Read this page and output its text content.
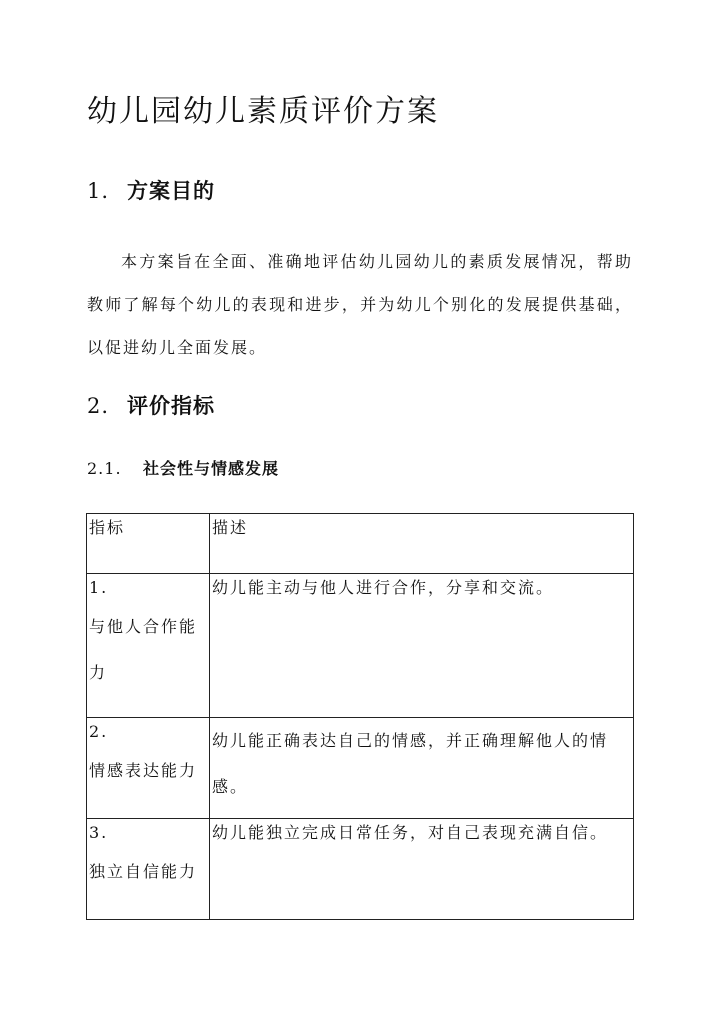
幼儿园幼儿素质评价方案
1. 方案目的

本方案旨在全面、准确地评估幼儿园幼儿的素质发展情况，帮助教师了解每个幼儿的表现和进步，并为幼儿个别化的发展提供基础，以促进幼儿全面发展。

2. 评价指标
2.1. 社会性与情感发展
指标	描述

1.
与他人合作能力	幼儿能主动与他人进行合作，分享和交流。

2.
情感表达能力	幼儿能正确表达自己的情感，并正确理解他人的情感。

3.
独立自信能力	幼儿能独立完成日常任务，对自己表现充满自信。
